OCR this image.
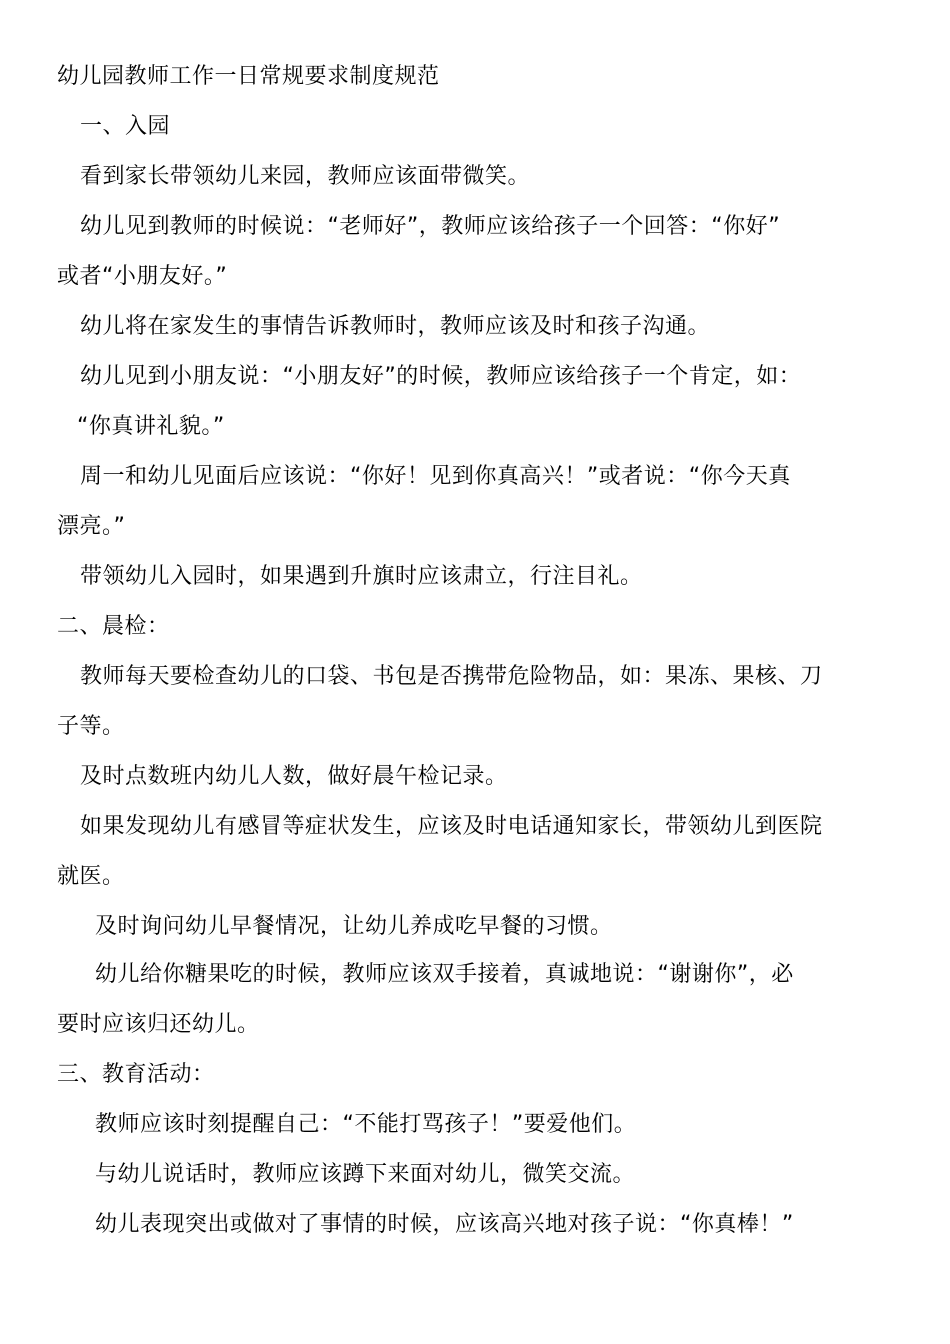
幼儿园教师工作一日常规要求制度规范
一、入园
看到家长带领幼儿来园，教师应该面带微笑。
幼儿见到教师的时候说：“老师好”，教师应该给孩子一个回答：“你好”
或者“小朋友好。”
幼儿将在家发生的事情告诉教师时，教师应该及时和孩子沟通。
幼儿见到小朋友说：“小朋友好”的时候，教师应该给孩子一个肯定，如：
“你真讲礼貌。”
周一和幼儿见面后应该说：“你好！见到你真高兴！”或者说：“你今天真
漂亮。”
带领幼儿入园时，如果遇到升旗时应该肃立，行注目礼。
二、晨检：
教师每天要检查幼儿的口袋、书包是否携带危险物品，如：果冻、果核、刀
子等。
及时点数班内幼儿人数，做好晨午检记录。
如果发现幼儿有感冒等症状发生，应该及时电话通知家长，带领幼儿到医院
就医。
及时询问幼儿早餐情况，让幼儿养成吃早餐的习惯。
幼儿给你糖果吃的时候，教师应该双手接着，真诚地说：“谢谢你”，必
要时应该归还幼儿。
三、教育活动：
教师应该时刻提醒自己：“不能打骂孩子！”要爱他们。
与幼儿说话时，教师应该蹲下来面对幼儿，微笑交流。
幼儿表现突出或做对了事情的时候，应该高兴地对孩子说：“你真棒！”
